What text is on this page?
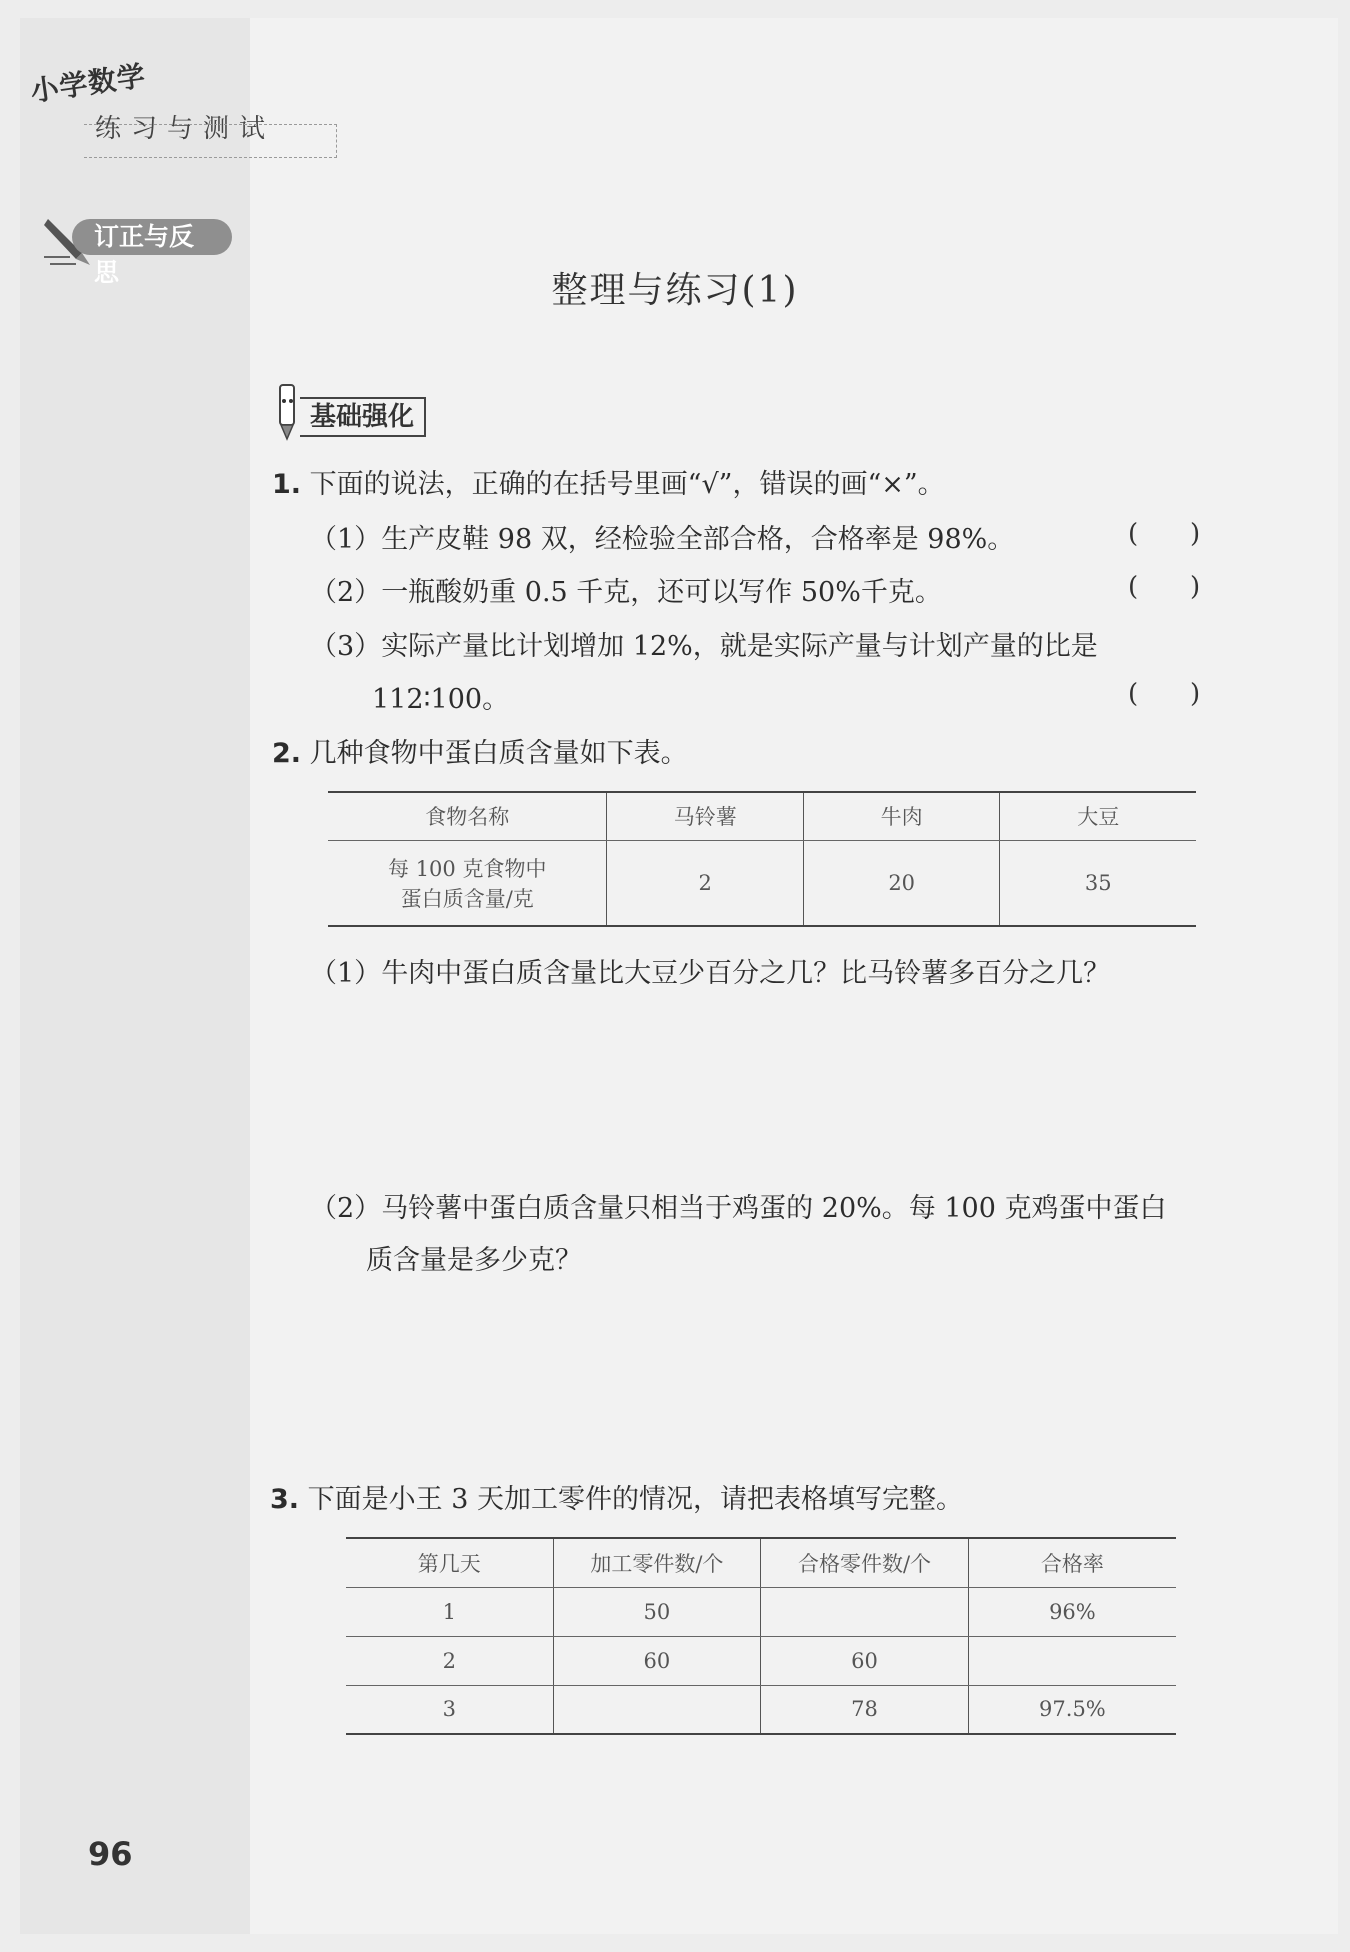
小学数学
练习与测试
订正与反思	整理与练习(1)
基础强化
1. 下面的说法，正确的在括号里画“√”，错误的画“×”。
（1）生产皮鞋 98 双，经检验全部合格，合格率是 98%。	( )
（2）一瓶酸奶重 0.5 千克，还可以写作 50%千克。	( )
（3）实际产量比计划增加 12%，就是实际产量与计划产量的比是
112∶100。	( )
2. 几种食物中蛋白质含量如下表。
食物名称	马铃薯	牛肉	大豆

每 100 克食物中
蛋白质含量/克	2	20	35
（1）牛肉中蛋白质含量比大豆少百分之几？比马铃薯多百分之几？
（2）马铃薯中蛋白质含量只相当于鸡蛋的 20%。每 100 克鸡蛋中蛋白
质含量是多少克？
3. 下面是小王 3 天加工零件的情况，请把表格填写完整。
第几天	加工零件数/个	合格零件数/个	合格率
1	50		96%
2	60	60	
3		78	97.5%
96
